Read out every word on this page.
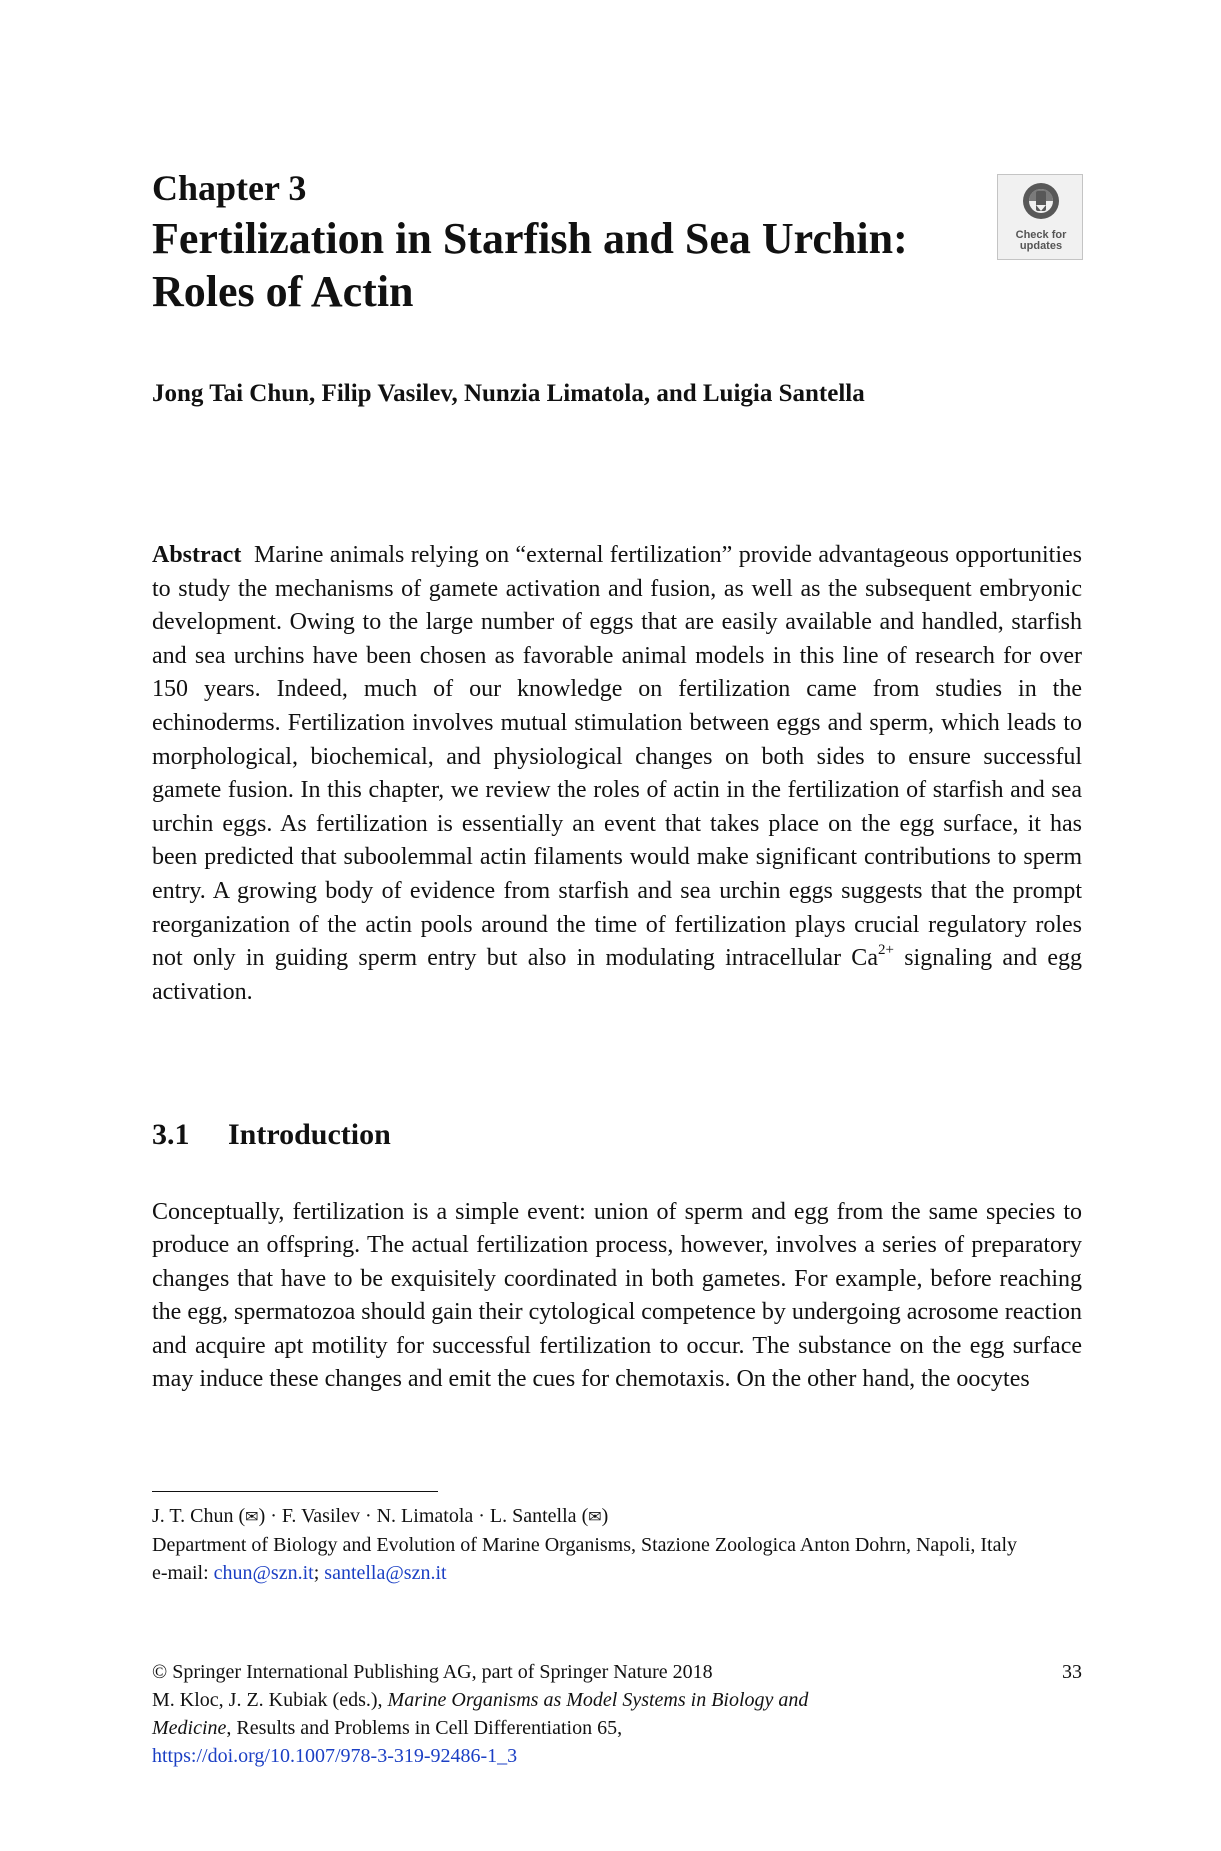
Chapter 3
Fertilization in Starfish and Sea Urchin:
Roles of Actin
Check for
updates
Jong Tai Chun, Filip Vasilev, Nunzia Limatola, and Luigia Santella

Abstract Marine animals relying on “external fertilization” provide advantageous opportunities to study the mechanisms of gamete activation and fusion, as well as the subsequent embryonic development. Owing to the large number of eggs that are easily available and handled, starfish and sea urchins have been chosen as favorable animal models in this line of research for over 150 years. Indeed, much of our knowledge on fertilization came from studies in the echinoderms. Fertilization involves mutual stimulation between eggs and sperm, which leads to morphological, biochemical, and physiological changes on both sides to ensure successful gamete fusion. In this chapter, we review the roles of actin in the fertilization of starfish and sea urchin eggs. As fertilization is essentially an event that takes place on the egg surface, it has been predicted that suboolemmal actin filaments would make significant contributions to sperm entry. A growing body of evidence from starfish and sea urchin eggs suggests that the prompt reorganization of the actin pools around the time of fertilization plays crucial regulatory roles not only in guiding sperm entry but also in modulating intracellular $Ca^{2+}$ signaling and egg activation.

3.1 Introduction

Conceptually, fertilization is a simple event: union of sperm and egg from the same species to produce an offspring. The actual fertilization process, however, involves a series of preparatory changes that have to be exquisitely coordinated in both gametes. For example, before reaching the egg, spermatozoa should gain their cytological competence by undergoing acrosome reaction and acquire apt motility for successful fertilization to occur. The substance on the egg surface may induce these changes and emit the cues for chemotaxis. On the other hand, the oocytes

J. T. Chun (✉) · F. Vasilev · N. Limatola · L. Santella (✉)
Department of Biology and Evolution of Marine Organisms, Stazione Zoologica Anton Dohrn, Napoli, Italy
e-mail: chun@szn.it; santella@szn.it
© Springer International Publishing AG, part of Springer Nature 2018
M. Kloc, J. Z. Kubiak (eds.), Marine Organisms as Model Systems in Biology and
Medicine, Results and Problems in Cell Differentiation 65,
https://doi.org/10.1007/978-3-319-92486-1_3
33
